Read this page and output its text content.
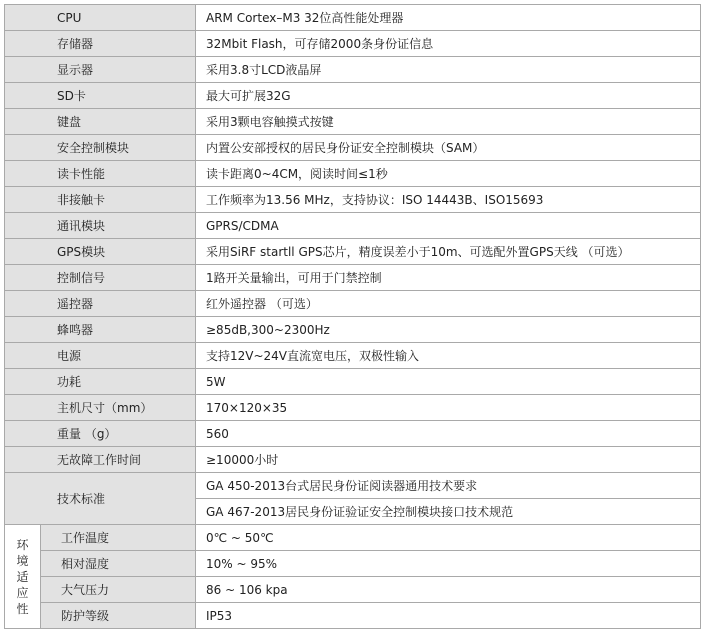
CPU		ARM Cortex–M3 32位高性能处理器
存储器		32Mbit Flash，可存储2000条身份证信息
显示器		采用3.8寸LCD液晶屏
SD卡		最大可扩展32G
键盘		采用3颗电容触摸式按键
安全控制模块		内置公安部授权的居民身份证安全控制模块（SAM）
读卡性能		读卡距离0~4CM，阅读时间≤1秒
非接触卡		工作频率为13.56 MHz，支持协议：ISO 14443B、ISO15693
通讯模块		GPRS/CDMA
GPS模块		采用SiRF startll GPS芯片，精度误差小于10m、可选配外置GPS天线 （可选）
控制信号		1路开关量输出，可用于门禁控制
遥控器		红外遥控器 （可选）
蜂鸣器		≥85dB,300~2300Hz
电源		支持12V~24V直流宽电压，双极性输入
功耗		5W
主机尺寸（mm）		170×120×35
重量 （g）		560
无故障工作时间		≥10000小时
技术标准		GA 450-2013台式居民身份证阅读器通用技术要求
		GA 467-2013居民身份证验证安全控制模块接口技术规范

环境适应性	工作温度	0℃ ~ 50℃
	相对湿度	10% ~ 95%
	大气压力	86 ~ 106 kpa
	防护等级	IP53
